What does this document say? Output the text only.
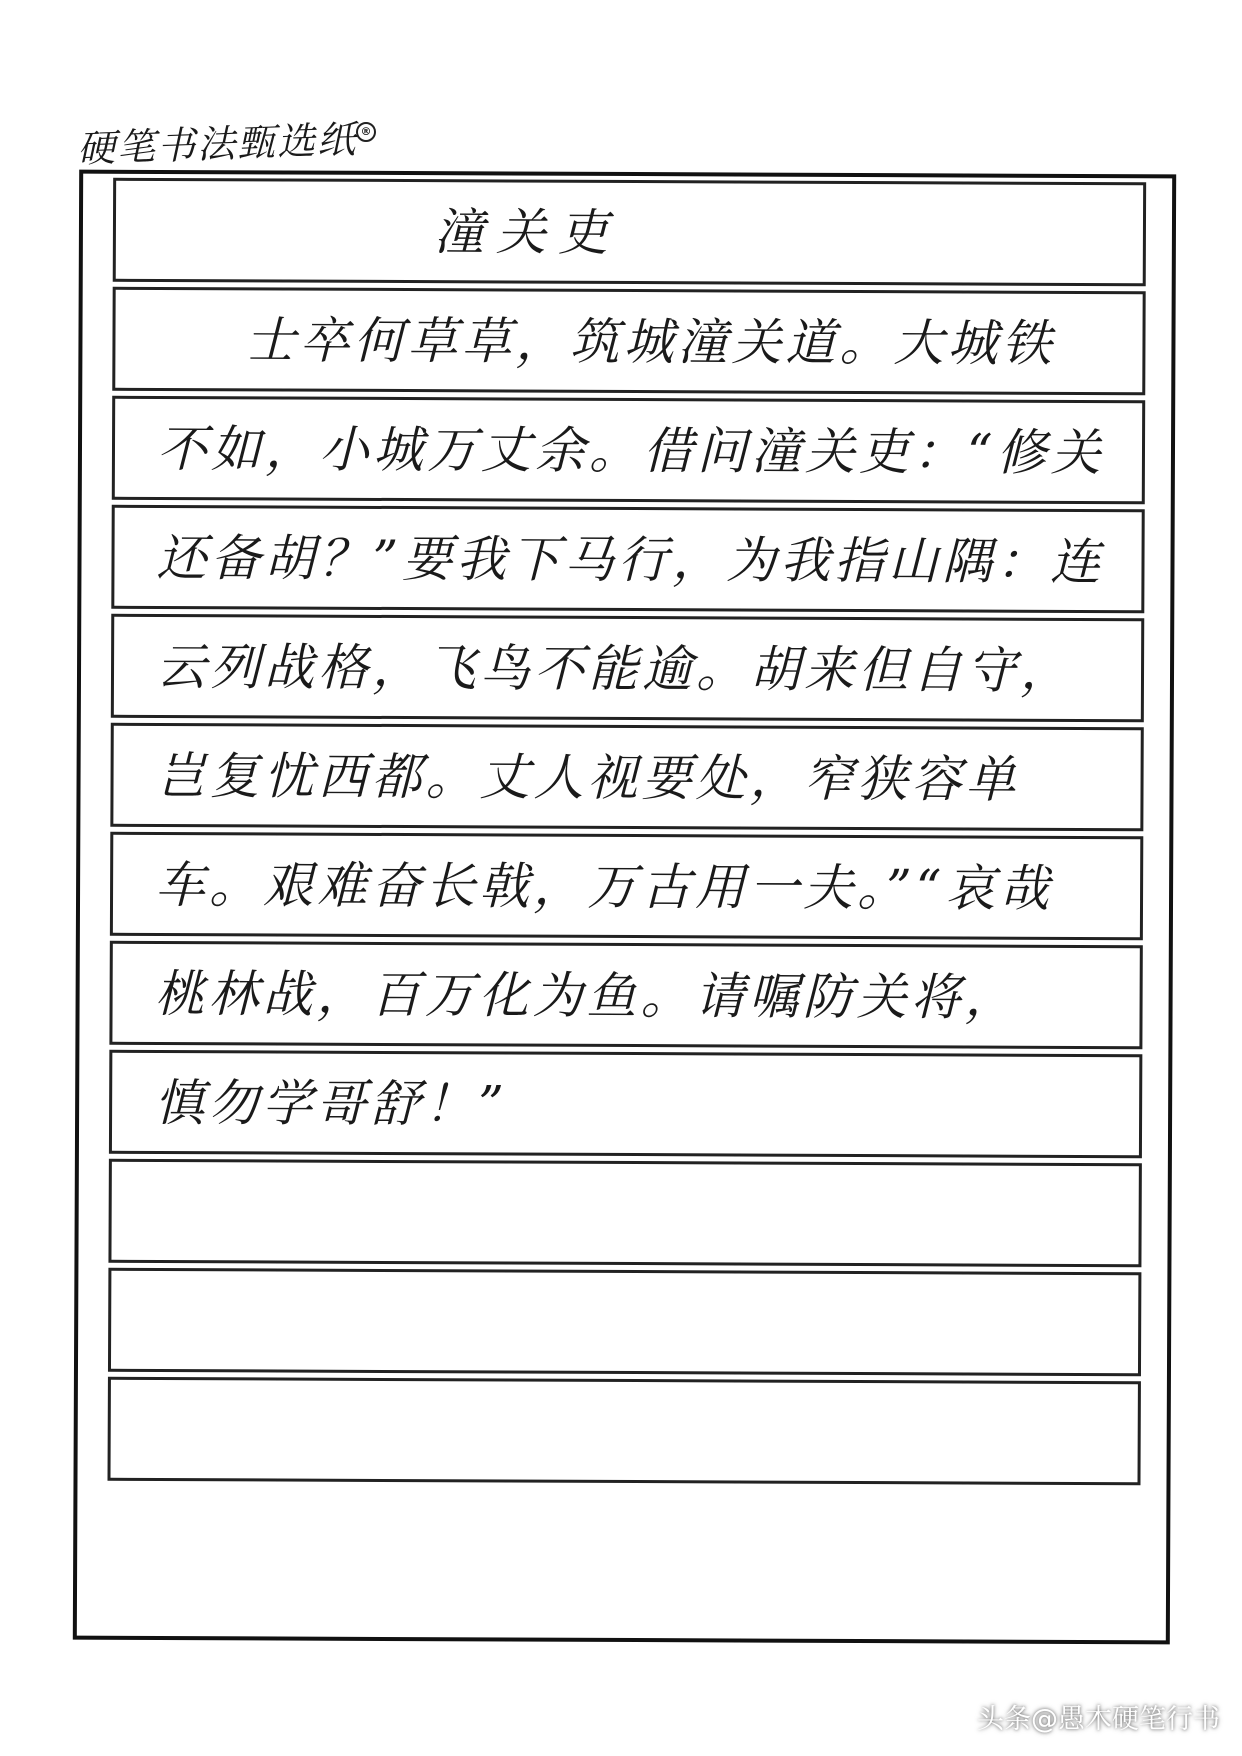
硬笔书法甄选纸 ®
潼关吏
士卒何草草，筑城潼关道。大城铁
不如，小城万丈余。借问潼关吏：“修关
还备胡？”要我下马行，为我指山隅：连
云列战格，飞鸟不能逾。胡来但自守，
岂复忧西都。丈人视要处，窄狭容单
车。艰难奋长戟，万古用一夫。”“哀哉
桃林战，百万化为鱼。请嘱防关将，
慎勿学哥舒！”
头条@愚木硬笔行书
